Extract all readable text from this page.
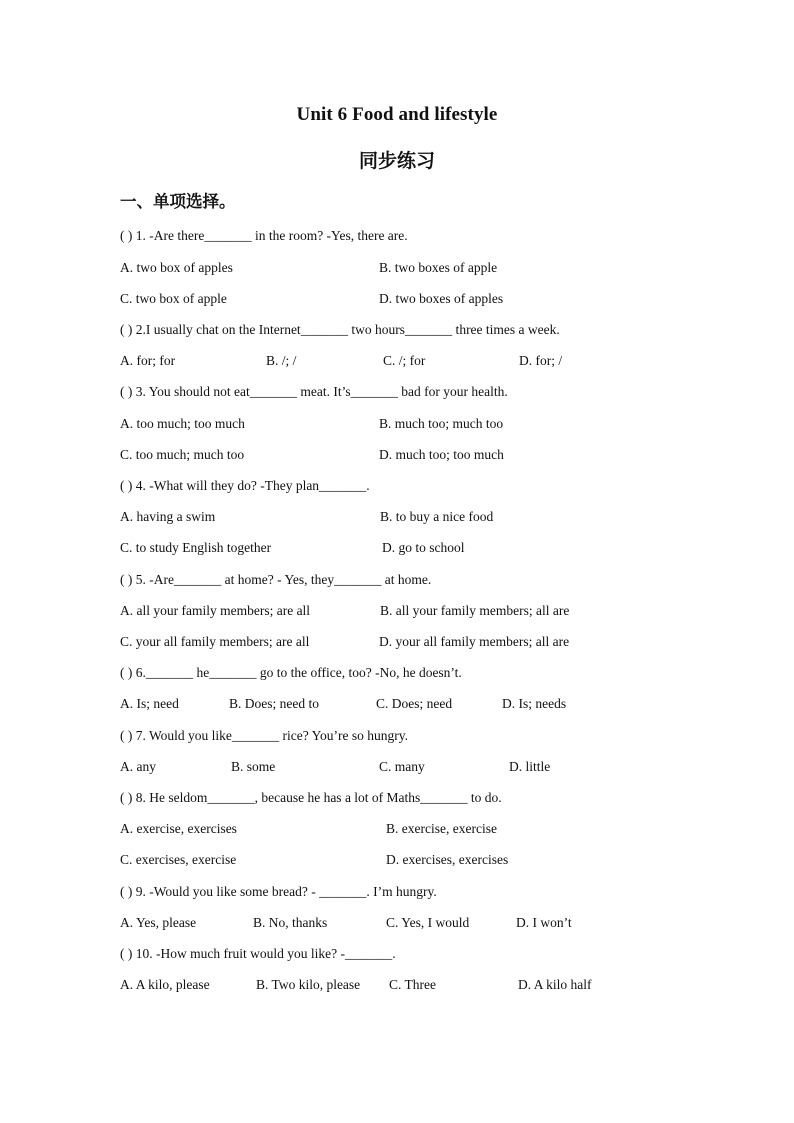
Unit 6 Food and lifestyle
同步练习
一、单项选择。
( ) 1. -Are there_______ in the room? -Yes, there are.
A. two box of apples	B. two boxes of apple
C. two box of apple	D. two boxes of apples
( ) 2.I usually chat on the Internet_______ two hours_______ three times a week.
A. for; for	B. /; /	C. /; for	D. for; /
( ) 3. You should not eat_______ meat. It’s_______ bad for your health.
A. too much; too much	B. much too; much too
C. too much; much too	D. much too; too much
( ) 4. -What will they do? -They plan_______.
A. having a swim	B. to buy a nice food
C. to study English together	D. go to school
( ) 5. -Are_______ at home? - Yes, they_______ at home.
A. all your family members; are all	B. all your family members; all are
C. your all family members; are all	D. your all family members; all are
( ) 6._______ he_______ go to the office, too? -No, he doesn’t.
A. Is; need	B. Does; need to	C. Does; need	D. Is; needs
( ) 7. Would you like_______ rice? You’re so hungry.
A. any	B. some	C. many	D. little
( ) 8. He seldom_______, because he has a lot of Maths_______ to do.
A. exercise, exercises	B. exercise, exercise
C. exercises, exercise	D. exercises, exercises
( ) 9. -Would you like some bread? - _______. I’m hungry.
A. Yes, please	B. No, thanks	C. Yes, I would	D. I won’t
( ) 10. -How much fruit would you like? -_______.
A. A kilo, please	B. Two kilo, please C. Three	D. A kilo half
